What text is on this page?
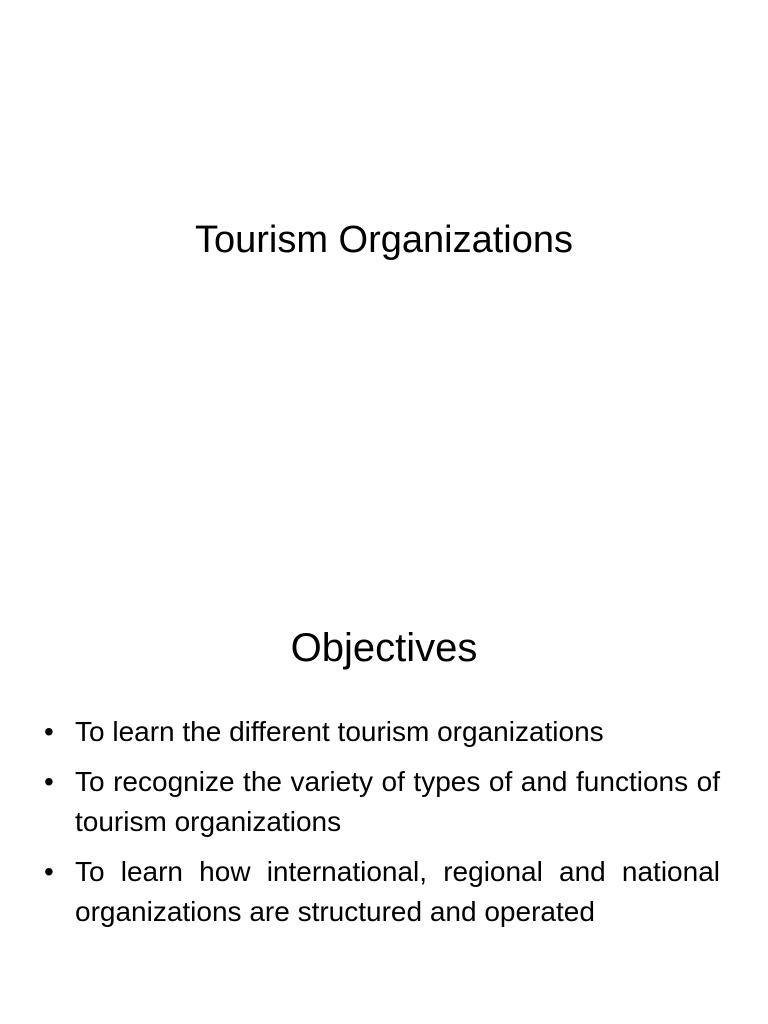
Tourism Organizations
Objectives
• To learn the different tourism organizations
• To recognize the variety of types of and functions of tourism organizations
• To learn how international, regional and national organizations are structured and operated
